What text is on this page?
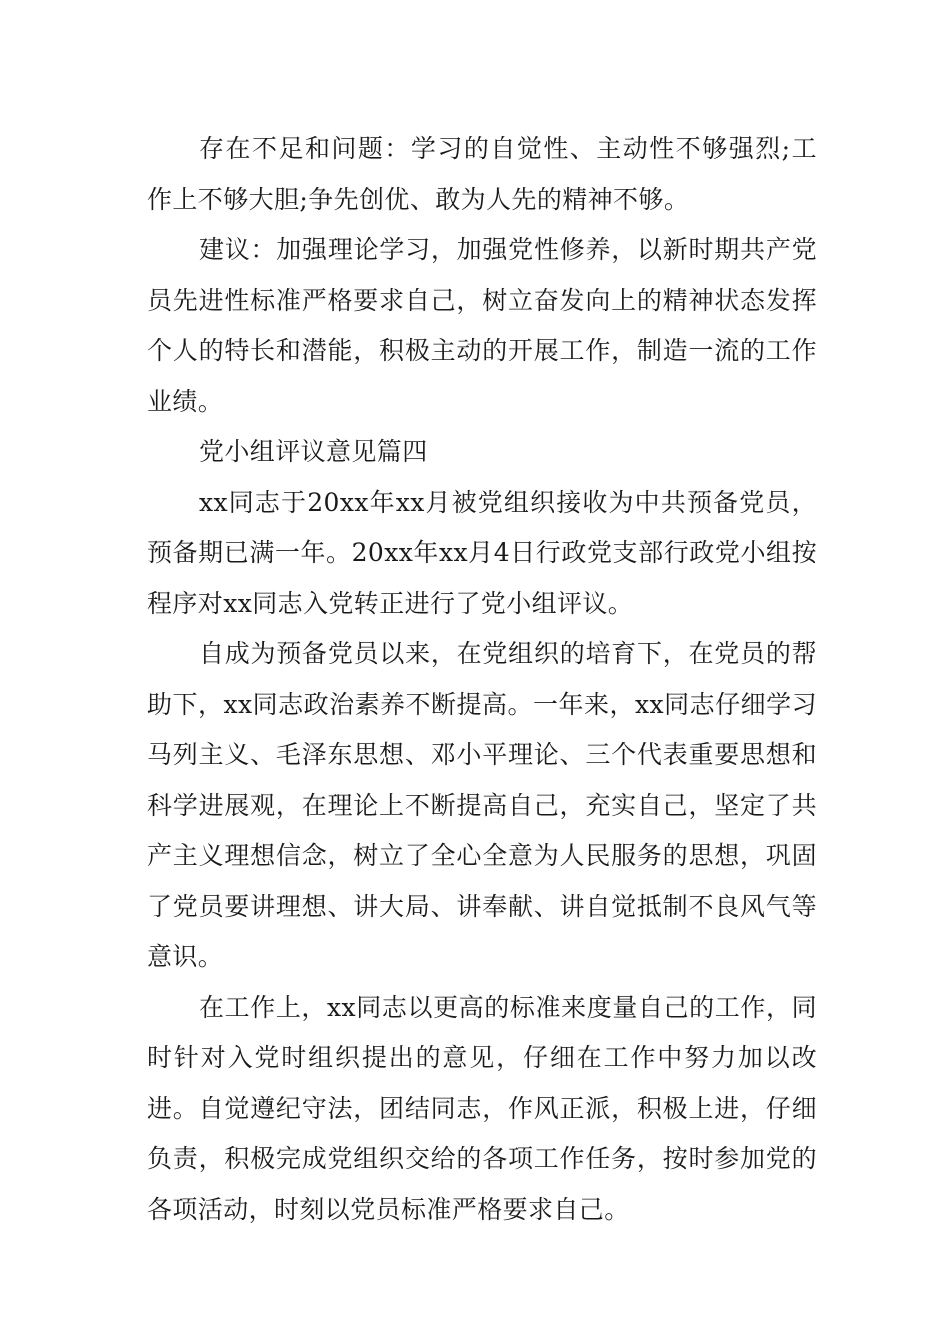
存在不足和问题：学习的自觉性、主动性不够强烈;工作上不够大胆;争先创优、敢为人先的精神不够。

建议：加强理论学习，加强党性修养，以新时期共产党员先进性标准严格要求自己，树立奋发向上的精神状态发挥个人的特长和潜能，积极主动的开展工作，制造一流的工作业绩。

党小组评议意见篇四

xx同志于20xx年xx月被党组织接收为中共预备党员，预备期已满一年。20xx年xx月4日行政党支部行政党小组按程序对xx同志入党转正进行了党小组评议。

自成为预备党员以来，在党组织的培育下，在党员的帮助下，xx同志政治素养不断提高。一年来，xx同志仔细学习马列主义、毛泽东思想、邓小平理论、三个代表重要思想和科学进展观，在理论上不断提高自己，充实自己，坚定了共产主义理想信念，树立了全心全意为人民服务的思想，巩固了党员要讲理想、讲大局、讲奉献、讲自觉抵制不良风气等意识。

在工作上，xx同志以更高的标准来度量自己的工作，同时针对入党时组织提出的意见，仔细在工作中努力加以改进。自觉遵纪守法，团结同志，作风正派，积极上进，仔细负责，积极完成党组织交给的各项工作任务，按时参加党的各项活动，时刻以党员标准严格要求自己。
